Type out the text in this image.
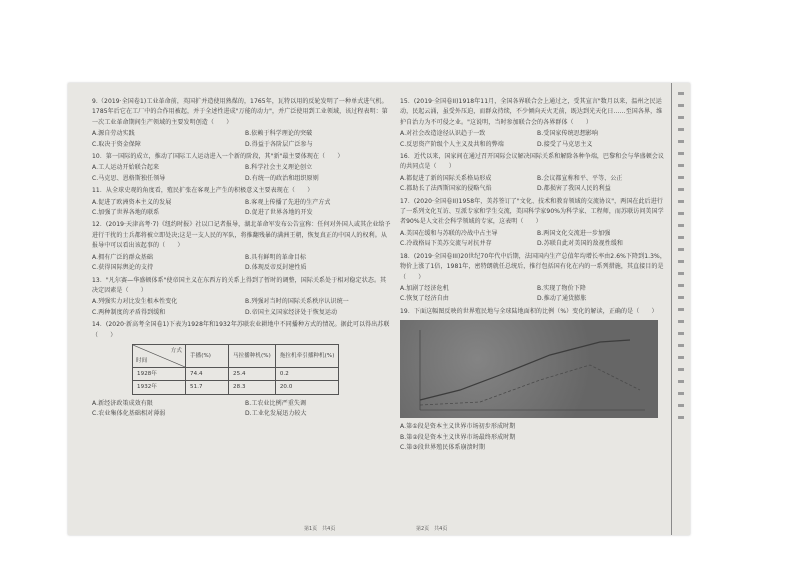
9.（2019·全国卷1)工业革命前，英国扩并造使用熟煤的，1765年，瓦特以用的反轮发明了一种单式进气机。1785年后它在工厂中的合作用被起，并于全述性进成"万能的动力"，并广泛使用到工业领域，该过程表明：第一次工业革命期间生产领域的主要发明创造（　　）
A.源自劳动实践	B.依赖于科学理论的突破
C.取决于资金保障	D.得益于各阶层广泛参与
10．第一国际的成立，推动了国际工人运动进入一个新的阶段，其"新"最主要体现在（　　）
A.工人运动开始联合起来	B.科学社会主义理论创立
C.马克思、恩格斯独任领导	D.有统一的政治和组织原则
11．从全球史观的角度看，殖民扩张在客观上产生的积极意义主要表现在（　　）
A.促进了欧洲资本主义的发展	B.客观上传播了先进的生产方式
C.加强了世界各地的联系	D.促进了世界各地的开发
12．(2019·天津高考·7)《纽约时报》社以口记者报导，湖北革命军发布公告宣称：任何对外国人或其企业给予进行干扰的士兵都将被立即处决;这是一支人民的军队，将推翻残暴的满洲王朝，恢复真正的中国人的权利。从报导中可以看出该起事的（　　）
A.拥有广泛的群众基础	B.具有鲜明的革命目标
C.获得国际舆论的支持	D.体现反帝反封建性质
13．"凡尔赛—华盛顿体系"使帝国主义在东西方的关系上得到了暂时的调整，国际关系处于相对稳定状态。其决定因素是（　　）
A.列强实力对比发生根本性变化	B.列强对当时的国际关系秩序认识统一
C.两种制度的矛盾得到缓和	D.帝国主义国家经济处于恢复运动
14．(2020·新高考全国卷1)下表为1928年和1932年苏联农业耕地中不同播种方式的情况。据此可以得出苏联（　　）
方式
时间	手播(%)	马拉播种机(%)	拖拉机牵引播种机(%)
1928年	74.4	25.4	0.2
1932年	51.7	28.3	20.0
A.新经济政策成效有限	B.工农业比例严重失调
C.农业集体化基础相对薄弱	D.工业化发展迅力较大
15．(2019·全国卷II)1918年11月，全国各界联合会上通过之，受其宣言"数月以来，温州之民运动，民起云涌，虽受外压迫，而群众持续，不少倾向天火无前，既达到光天化日……至国各界，维护自治力为不可侵之业。"这说明，当时参加联合会的各界群体（　　）
A.对社会改造途径认识趋于一致	B.受国家传统思想影响
C.反思资产阶级个人主义及共和的弊端	D.接受了马克思主义
16．近代以来，国家间在通过召开国际会议解决国际关系和解除各种争端，巴黎和会与华盛顿会议的共同点是（　　）
A.都促进了新的国际关系格局形成	B.会议都宣称和平、平等、公正
C.都助长了法西斯国家的侵略气焰	D.都损害了我国人民的利益
17．(2020·全国卷II)1958年，美苏签订了"文化、技术和教育领域的交流协议"，两国在此后进行了一系列文化互访、互派专家和学生交流，美国科学家90%为科学家、工程师，而苏联访问美国学者90%是人文社会科学领域的专家，这表明（　　）
A.美国在缓和与苏联的冷战中占主导	B.两国文化交流进一步加强
C.冷战格局下美苏交流与对抗并存	D.苏联自此对美国的敌视性缓和
18．(2019·全国卷III)20世纪70年代中后期，法国国内生产总值年均增长率由2.6%下降到1.3%，物价上涨了1倍，1981年，密特朗就任总统后，推行包括国有化在内的一系列措施，其直接目的是（　　）
A.加剧了经济危机	B.实现了物价下降
C.恢复了经济自由	D.推动了通货膨胀
19．下面这幅图反映的世界殖民地与全球陆地面积的比例（%）变化的解读，正确的是（　　）
A.第①段是资本主义世界市场初步形成时期
B.第②段是资本主义世界市场最终形成时期
C.第③段世界殖民体系崩溃时期
第1页　共4页	第2页　共4页
